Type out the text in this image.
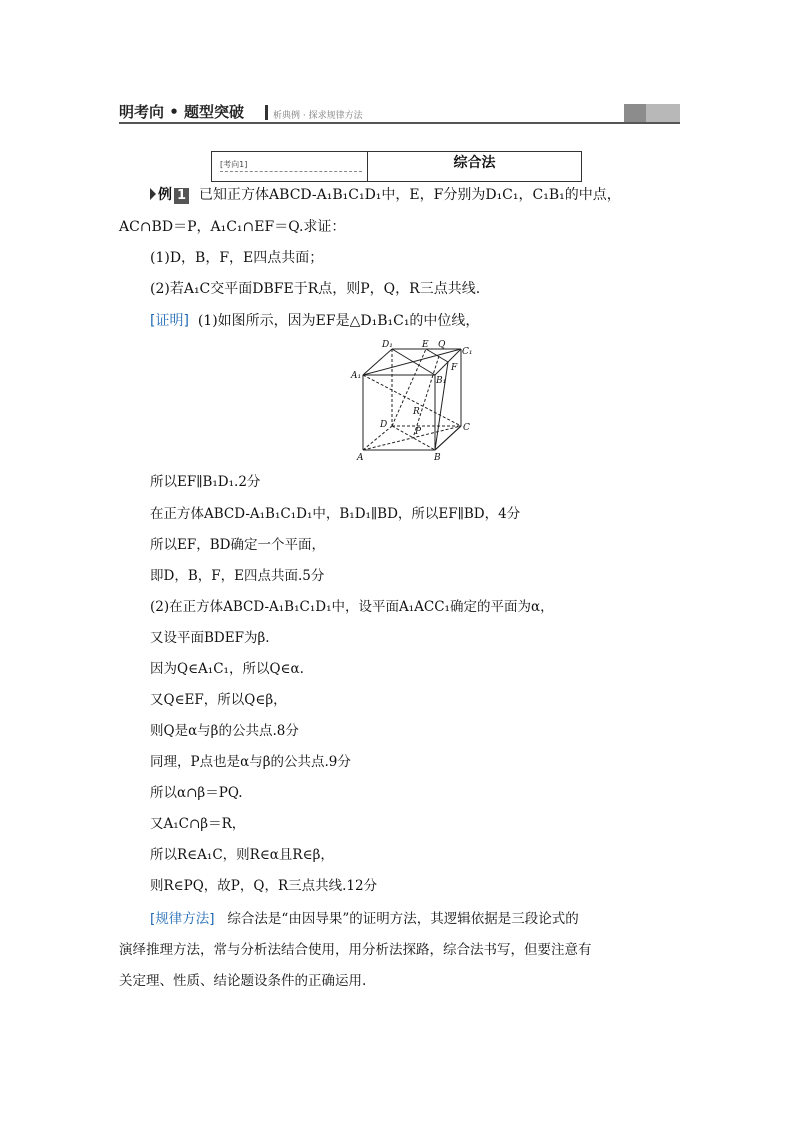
明考向 • 题型突破	析典例 · 探求规律方法
[考向1]	综合法
例 1 已知正方体ABCD-A₁B₁C₁D₁中，E，F分别为D₁C₁，C₁B₁的中点，
AC∩BD＝P，A₁C₁∩EF＝Q.求证：
(1)D，B，F，E四点共面；
(2)若A₁C交平面DBFE于R点，则P，Q，R三点共线.
[证明] (1)如图所示，因为EF是△D₁B₁C₁的中位线，
D₁	E Q
C₁
A₁	B₁
F
R
D
P	C
A	B
所以EF∥B₁D₁.2分
在正方体ABCD-A₁B₁C₁D₁中，B₁D₁∥BD，所以EF∥BD，4分
所以EF，BD确定一个平面，
即D，B，F，E四点共面.5分
(2)在正方体ABCD-A₁B₁C₁D₁中，设平面A₁ACC₁确定的平面为α，
又设平面BDEF为β.
因为Q∈A₁C₁，所以Q∈α.
又Q∈EF，所以Q∈β，
则Q是α与β的公共点.8分
同理，P点也是α与β的公共点.9分
所以α∩β＝PQ.
又A₁C∩β＝R，
所以R∈A₁C，则R∈α且R∈β，
则R∈PQ，故P，Q，R三点共线.12分
[规律方法] 综合法是“由因导果”的证明方法，其逻辑依据是三段论式的
演绎推理方法，常与分析法结合使用，用分析法探路，综合法书写，但要注意有
关定理、性质、结论题设条件的正确运用.
